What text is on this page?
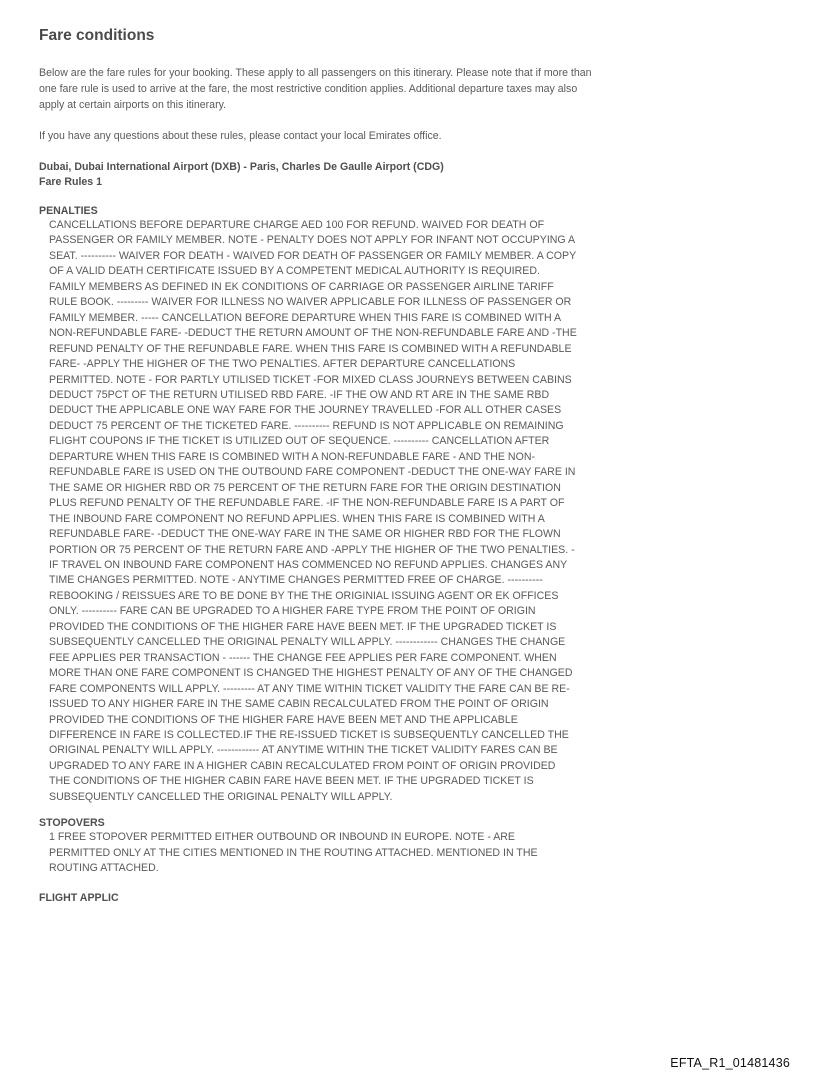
Fare conditions

Below are the fare rules for your booking. These apply to all passengers on this itinerary. Please note that if more than one fare rule is used to arrive at the fare, the most restrictive condition applies. Additional departure taxes may also apply at certain airports on this itinerary.

If you have any questions about these rules, please contact your local Emirates office.

Dubai, Dubai International Airport (DXB) - Paris, Charles De Gaulle Airport (CDG)

Fare Rules 1

PENALTIES

CANCELLATIONS BEFORE DEPARTURE CHARGE AED 100 FOR REFUND. WAIVED FOR DEATH OF PASSENGER OR FAMILY MEMBER. NOTE - PENALTY DOES NOT APPLY FOR INFANT NOT OCCUPYING A SEAT. ---------- WAIVER FOR DEATH - WAIVED FOR DEATH OF PASSENGER OR FAMILY MEMBER. A COPY OF A VALID DEATH CERTIFICATE ISSUED BY A COMPETENT MEDICAL AUTHORITY IS REQUIRED. FAMILY MEMBERS AS DEFINED IN EK CONDITIONS OF CARRIAGE OR PASSENGER AIRLINE TARIFF RULE BOOK. --------- WAIVER FOR ILLNESS NO WAIVER APPLICABLE FOR ILLNESS OF PASSENGER OR FAMILY MEMBER. ----- CANCELLATION BEFORE DEPARTURE WHEN THIS FARE IS COMBINED WITH A NON-REFUNDABLE FARE- -DEDUCT THE RETURN AMOUNT OF THE NON-REFUNDABLE FARE AND -THE REFUND PENALTY OF THE REFUNDABLE FARE. WHEN THIS FARE IS COMBINED WITH A REFUNDABLE FARE- -APPLY THE HIGHER OF THE TWO PENALTIES. AFTER DEPARTURE CANCELLATIONS PERMITTED. NOTE - FOR PARTLY UTILISED TICKET -FOR MIXED CLASS JOURNEYS BETWEEN CABINS DEDUCT 75PCT OF THE RETURN UTILISED RBD FARE. -IF THE OW AND RT ARE IN THE SAME RBD DEDUCT THE APPLICABLE ONE WAY FARE FOR THE JOURNEY TRAVELLED -FOR ALL OTHER CASES DEDUCT 75 PERCENT OF THE TICKETED FARE. ---------- REFUND IS NOT APPLICABLE ON REMAINING FLIGHT COUPONS IF THE TICKET IS UTILIZED OUT OF SEQUENCE. ---------- CANCELLATION AFTER DEPARTURE WHEN THIS FARE IS COMBINED WITH A NON-REFUNDABLE FARE - AND THE NON-REFUNDABLE FARE IS USED ON THE OUTBOUND FARE COMPONENT -DEDUCT THE ONE-WAY FARE IN THE SAME OR HIGHER RBD OR 75 PERCENT OF THE RETURN FARE FOR THE ORIGIN DESTINATION PLUS REFUND PENALTY OF THE REFUNDABLE FARE. -IF THE NON-REFUNDABLE FARE IS A PART OF THE INBOUND FARE COMPONENT NO REFUND APPLIES. WHEN THIS FARE IS COMBINED WITH A REFUNDABLE FARE- -DEDUCT THE ONE-WAY FARE IN THE SAME OR HIGHER RBD FOR THE FLOWN PORTION OR 75 PERCENT OF THE RETURN FARE AND -APPLY THE HIGHER OF THE TWO PENALTIES. -IF TRAVEL ON INBOUND FARE COMPONENT HAS COMMENCED NO REFUND APPLIES. CHANGES ANY TIME CHANGES PERMITTED. NOTE - ANYTIME CHANGES PERMITTED FREE OF CHARGE. ---------- REBOOKING / REISSUES ARE TO BE DONE BY THE THE ORIGINIAL ISSUING AGENT OR EK OFFICES ONLY. ---------- FARE CAN BE UPGRADED TO A HIGHER FARE TYPE FROM THE POINT OF ORIGIN PROVIDED THE CONDITIONS OF THE HIGHER FARE HAVE BEEN MET. IF THE UPGRADED TICKET IS SUBSEQUENTLY CANCELLED THE ORIGINAL PENALTY WILL APPLY. ------------ CHANGES THE CHANGE FEE APPLIES PER TRANSACTION - ------ THE CHANGE FEE APPLIES PER FARE COMPONENT. WHEN MORE THAN ONE FARE COMPONENT IS CHANGED THE HIGHEST PENALTY OF ANY OF THE CHANGED FARE COMPONENTS WILL APPLY. --------- AT ANY TIME WITHIN TICKET VALIDITY THE FARE CAN BE RE-ISSUED TO ANY HIGHER FARE IN THE SAME CABIN RECALCULATED FROM THE POINT OF ORIGIN PROVIDED THE CONDITIONS OF THE HIGHER FARE HAVE BEEN MET AND THE APPLICABLE DIFFERENCE IN FARE IS COLLECTED.IF THE RE-ISSUED TICKET IS SUBSEQUENTLY CANCELLED THE ORIGINAL PENALTY WILL APPLY. ------------ AT ANYTIME WITHIN THE TICKET VALIDITY FARES CAN BE UPGRADED TO ANY FARE IN A HIGHER CABIN RECALCULATED FROM POINT OF ORIGIN PROVIDED THE CONDITIONS OF THE HIGHER CABIN FARE HAVE BEEN MET. IF THE UPGRADED TICKET IS SUBSEQUENTLY CANCELLED THE ORIGINAL PENALTY WILL APPLY.

STOPOVERS

1 FREE STOPOVER PERMITTED EITHER OUTBOUND OR INBOUND IN EUROPE. NOTE - ARE PERMITTED ONLY AT THE CITIES MENTIONED IN THE ROUTING ATTACHED. MENTIONED IN THE ROUTING ATTACHED.

FLIGHT APPLIC

EFTA_R1_01481436
